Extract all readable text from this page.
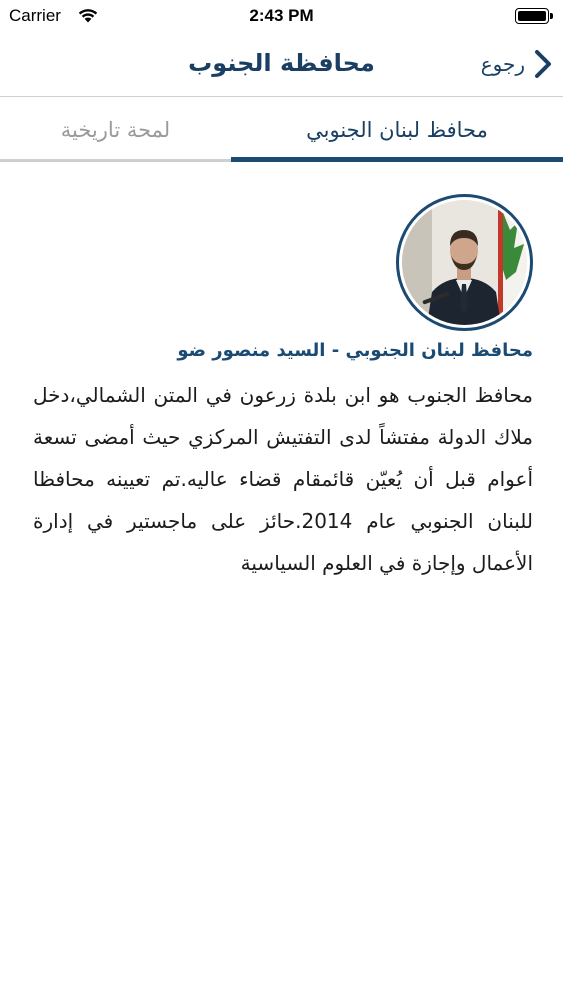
Carrier	2:43 PM
محافظة الجنوب	رجوع
لمحة تاريخية	محافظ لبنان الجنوبي
محافظ لبنان الجنوبي - السيد منصور ضو
محافظ الجنوب هو ابن بلدة زرعون في المتن الشمالي،دخل ملاك الدولة مفتشاً لدى التفتيش المركزي حيث أمضى تسعة أعوام قبل أن يُعيّن قائمقام قضاء عاليه.تم تعيينه محافظا للبنان الجنوبي عام 2014.حائز على ماجستير في إدارة الأعمال وإجازة في العلوم السياسية
